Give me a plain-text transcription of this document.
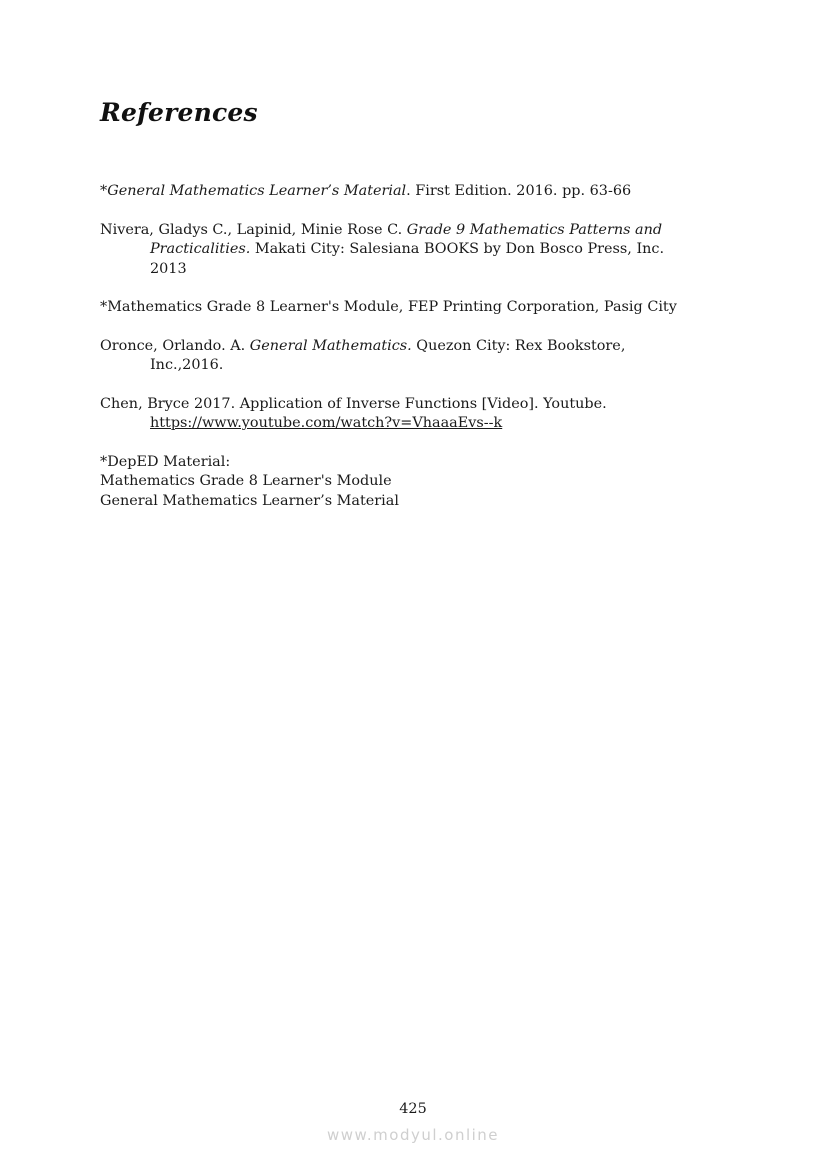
References

*General Mathematics Learner’s Material. First Edition. 2016. pp. 63-66

Nivera, Gladys C., Lapinid, Minie Rose C. Grade 9 Mathematics Patterns and Practicalities. Makati City: Salesiana BOOKS by Don Bosco Press, Inc. 2013

*Mathematics Grade 8 Learner's Module, FEP Printing Corporation, Pasig City

Oronce, Orlando. A. General Mathematics. Quezon City: Rex Bookstore, Inc.,2016.

Chen, Bryce 2017. Application of Inverse Functions [Video]. Youtube. https://www.youtube.com/watch?v=VhaaaEvs--k

*DepED Material:
Mathematics Grade 8 Learner's Module
General Mathematics Learner’s Material
425
www.modyul.online
